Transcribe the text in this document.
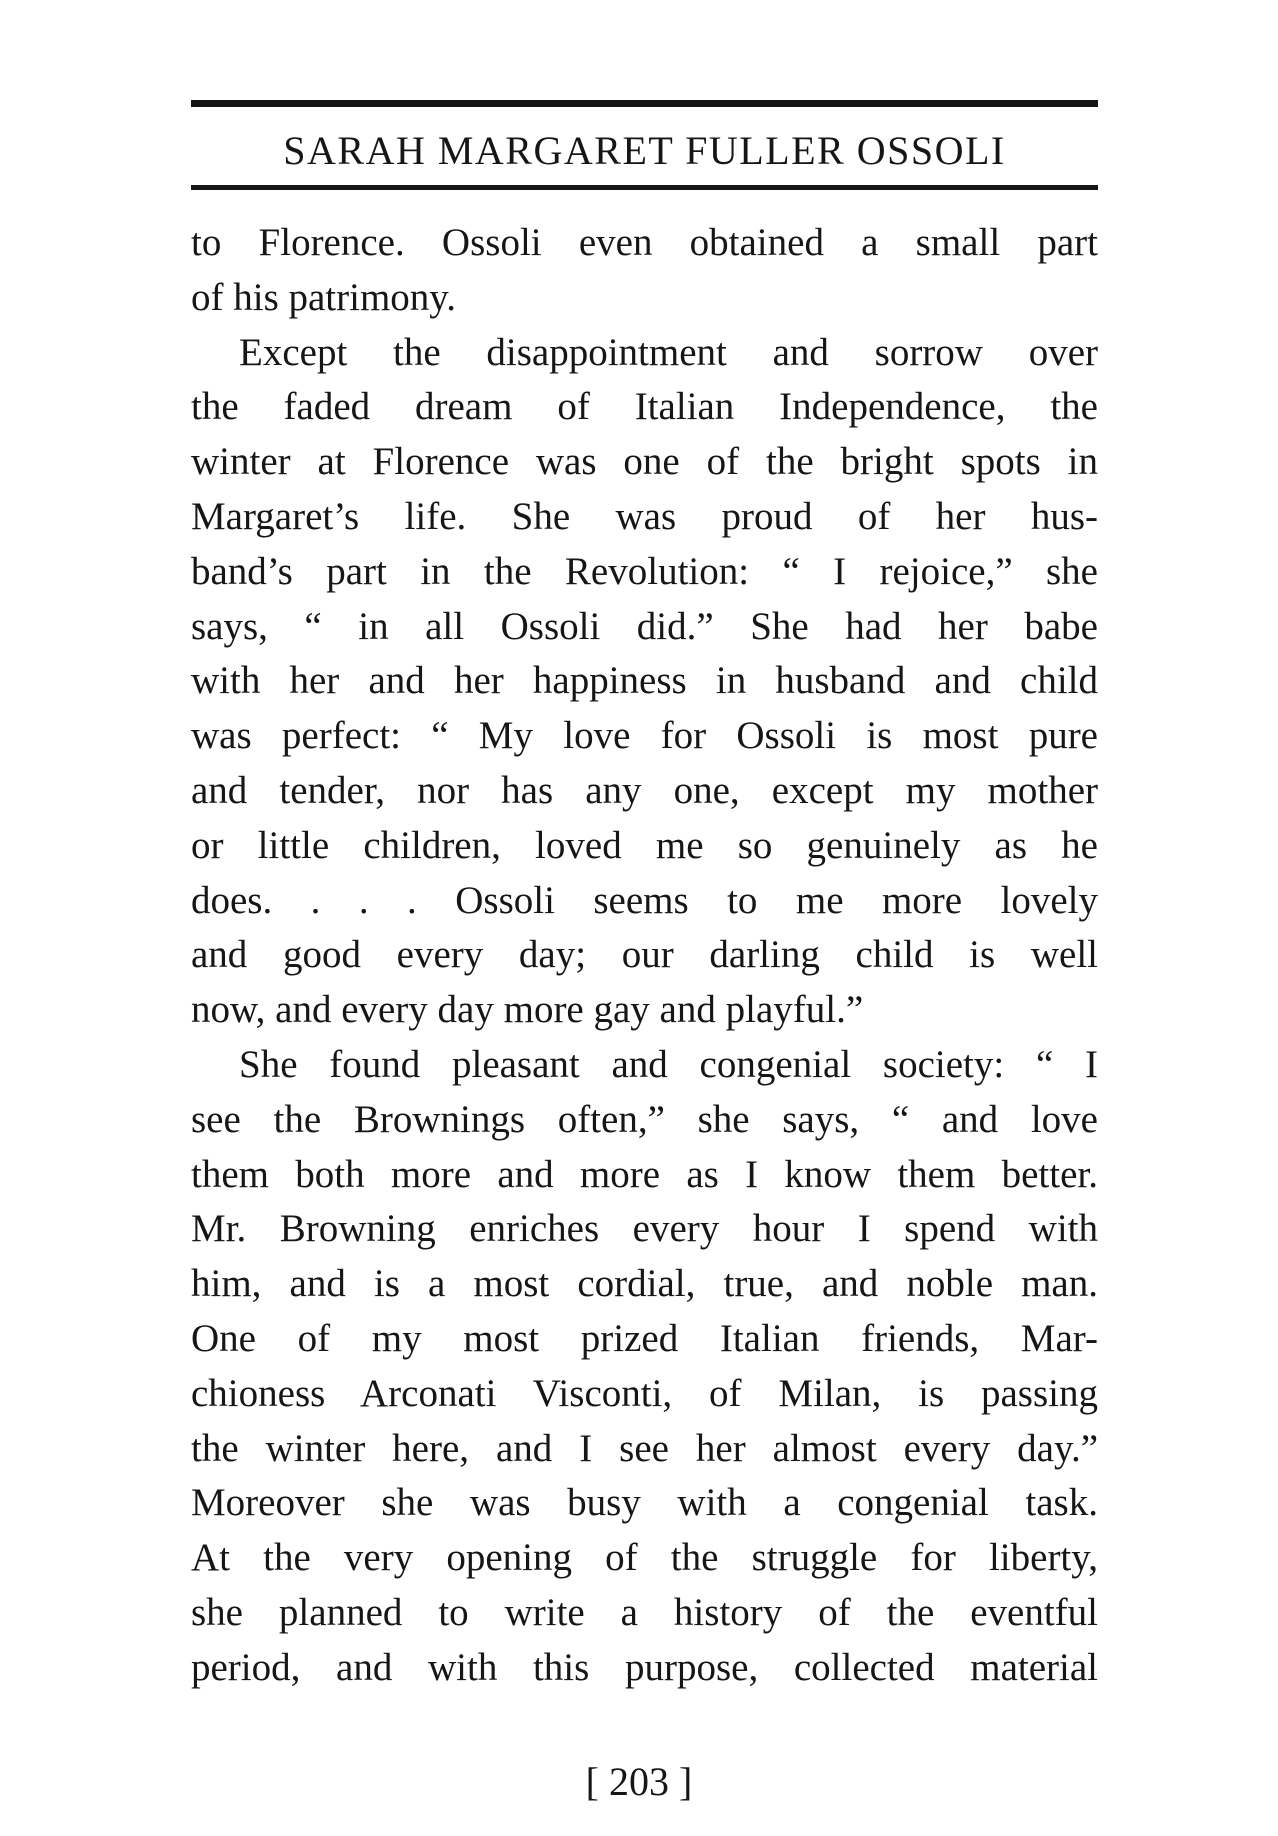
SARAH MARGARET FULLER OSSOLI
to Florence. Ossoli even obtained a small part
of his patrimony.
Except the disappointment and sorrow over
the faded dream of Italian Independence, the
winter at Florence was one of the bright spots in
Margaret’s life. She was proud of her hus-
band’s part in the Revolution: “ I rejoice,” she
says, “ in all Ossoli did.” She had her babe
with her and her happiness in husband and child
was perfect: “ My love for Ossoli is most pure
and tender, nor has any one, except my mother
or little children, loved me so genuinely as he
does. . . . Ossoli seems to me more lovely
and good every day; our darling child is well
now, and every day more gay and playful.”
She found pleasant and congenial society: “ I
see the Brownings often,” she says, “ and love
them both more and more as I know them better.
Mr. Browning enriches every hour I spend with
him, and is a most cordial, true, and noble man.
One of my most prized Italian friends, Mar-
chioness Arconati Visconti, of Milan, is passing
the winter here, and I see her almost every day.”
Moreover she was busy with a congenial task.
At the very opening of the struggle for liberty,
she planned to write a history of the eventful
period, and with this purpose, collected material
[ 203 ]
